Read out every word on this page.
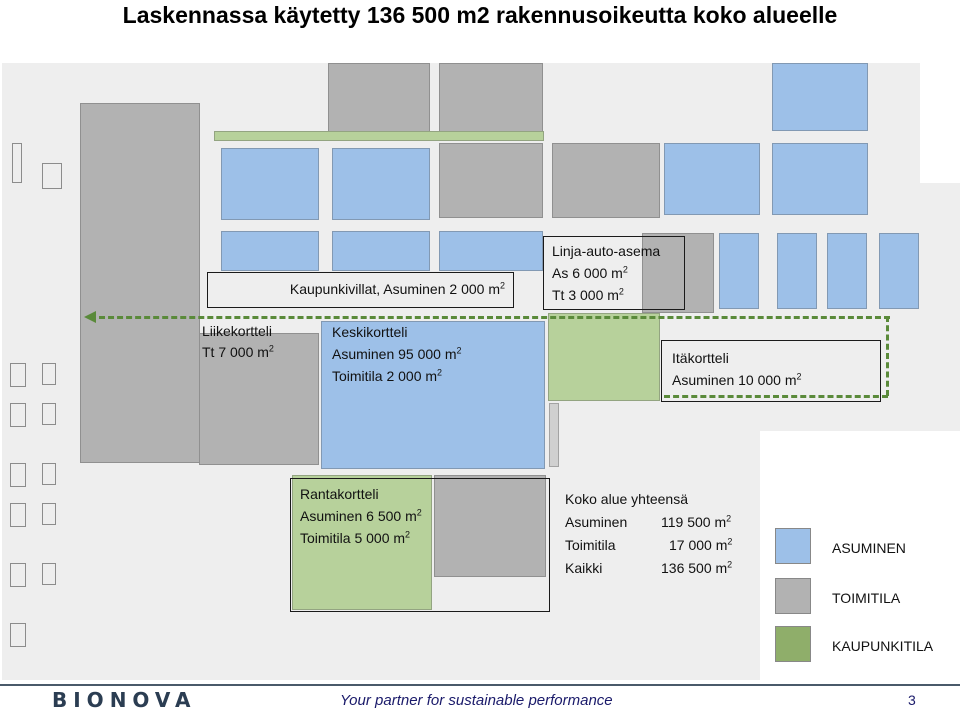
Laskennassa käytetty 136 500 m2 rakennusoikeutta koko alueelle
Kaupunkivillat, Asuminen 2 000 $m^2$
Linja-auto-asema
As 6 000 $m^2$
Tt 3 000 $m^2$
Liikekortteli
Tt 7 000 $m^2$
Keskikortteli
Asuminen 95 000 $m^2$
Toimitila 2 000 $m^2$
Itäkortteli
Asuminen 10 000 $m^2$
Rantakortteli
Asuminen 6 500 $m^2$
Toimitila 5 000 $m^2$
Koko alue yhteensä
Asuminen	119 500 $m^2$
Toimitila	17 000 $m^2$
Kaikki	136 500 $m^2$
ASUMINEN
TOIMITILA
KAUPUNKITILA
BIONOVA	Your partner for sustainable performance	3
